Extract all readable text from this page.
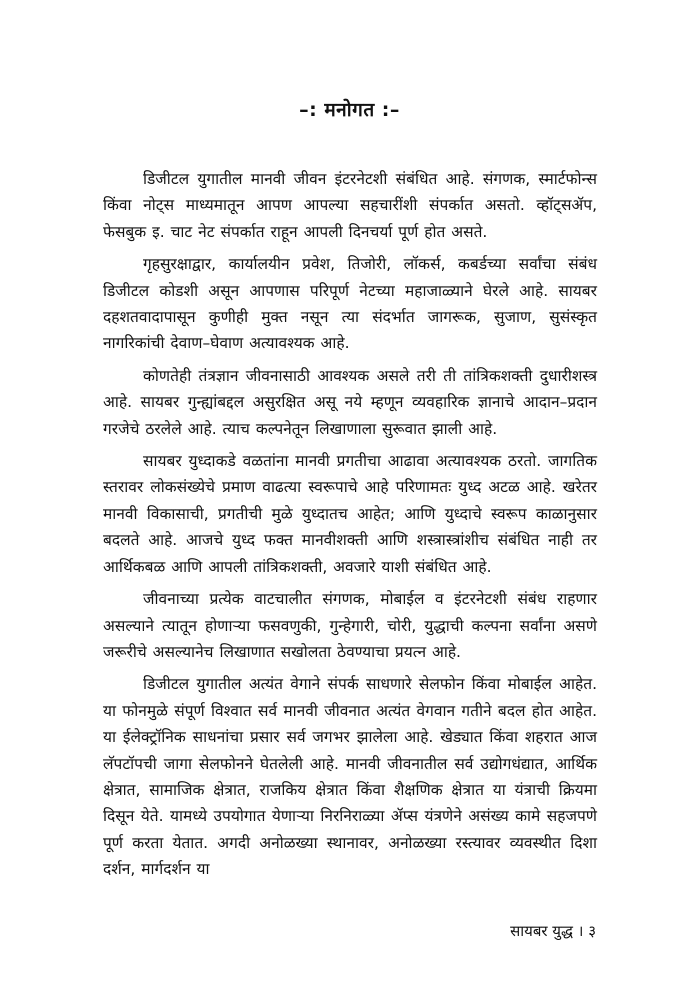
–: मनोगत :–

डिजीटल युगातील मानवी जीवन इंटरनेटशी संबंधित आहे. संगणक, स्मार्टफोन्स किंवा नोट्स माध्यमातून आपण आपल्या सहचारींशी संपर्कात असतो. व्हॉट्सॲप, फेसबुक इ. चाट नेट संपर्कात राहून आपली दिनचर्या पूर्ण होत असते.

गृहसुरक्षाद्वार, कार्यालयीन प्रवेश, तिजोरी, लॉकर्स, कबर्डच्या सर्वांचा संबंध डिजीटल कोडशी असून आपणास परिपूर्ण नेटच्या महाजाळ्याने घेरले आहे. सायबर दहशतवादापासून कुणीही मुक्त नसून त्या संदर्भात जागरूक, सुजाण, सुसंस्कृत नागरिकांची देवाण–घेवाण अत्यावश्यक आहे.

कोणतेही तंत्रज्ञान जीवनासाठी आवश्यक असले तरी ती तांत्रिकशक्ती दुधारीशस्त्र आहे. सायबर गुन्ह्यांबद्दल असुरक्षित असू नये म्हणून व्यवहारिक ज्ञानाचे आदान–प्रदान गरजेचे ठरलेले आहे. त्याच कल्पनेतून लिखाणाला सुरूवात झाली आहे.

सायबर युध्दाकडे वळतांना मानवी प्रगतीचा आढावा अत्यावश्यक ठरतो. जागतिक स्तरावर लोकसंख्येचे प्रमाण वाढत्या स्वरूपाचे आहे परिणामतः युध्द अटळ आहे. खरेतर मानवी विकासाची, प्रगतीची मुळे युध्दातच आहेत; आणि युध्दाचे स्वरूप काळानुसार बदलते आहे. आजचे युध्द फक्त मानवीशक्ती आणि शस्त्रास्त्रांशीच संबंधित नाही तर आर्थिकबळ आणि आपली तांत्रिकशक्ती, अवजारे याशी संबंधित आहे.

जीवनाच्या प्रत्येक वाटचालीत संगणक, मोबाईल व इंटरनेटशी संबंध राहणार असल्याने त्यातून होणाऱ्या फसवणुकी, गुन्हेगारी, चोरी, युद्धाची कल्पना सर्वांना असणे जरूरीचे असल्यानेच लिखाणात सखोलता ठेवण्याचा प्रयत्न आहे.

डिजीटल युगातील अत्यंत वेगाने संपर्क साधणारे सेलफोन किंवा मोबाईल आहेत. या फोनमुळे संपूर्ण विश्वात सर्व मानवी जीवनात अत्यंत वेगवान गतीने बदल होत आहेत. या ईलेक्ट्रॉनिक साधनांचा प्रसार सर्व जगभर झालेला आहे. खेड्यात किंवा शहरात आज लॅपटॉपची जागा सेलफोनने घेतलेली आहे. मानवी जीवनातील सर्व उद्योगधंद्यात, आर्थिक क्षेत्रात, सामाजिक क्षेत्रात, राजकिय क्षेत्रात किंवा शैक्षणिक क्षेत्रात या यंत्राची क्रियमा दिसून येते. यामध्ये उपयोगात येणाऱ्या निरनिराळ्या ॲप्स यंत्रणेने असंख्य कामे सहजपणे पूर्ण करता येतात. अगदी अनोळख्या स्थानावर, अनोळख्या रस्त्यावर व्यवस्थीत दिशा दर्शन, मार्गदर्शन या

सायबर युद्ध । ३
